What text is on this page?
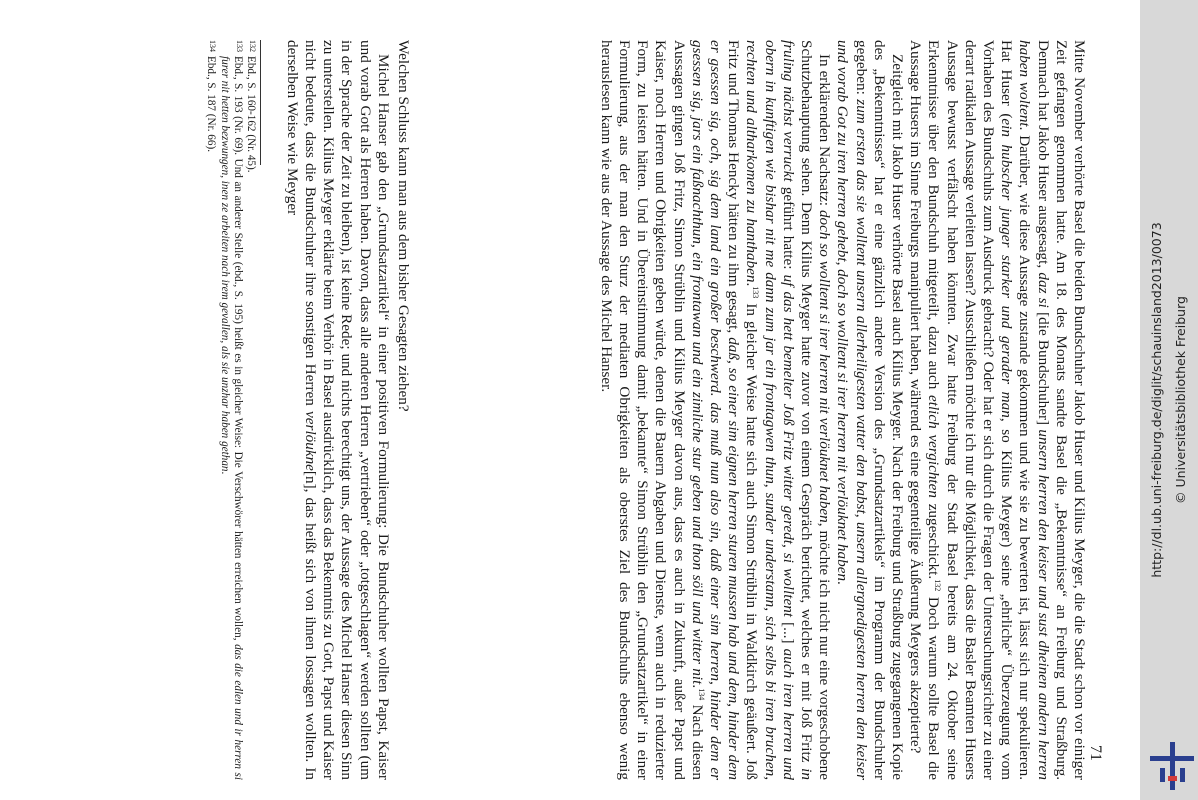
71

Mitte November verhörte Basel die beiden Bundschuher Jakob Huser und Kilius Meyger, die die Stadt schon vor einiger Zeit gefangen genommen hatte. Am 18. des Monats sandte Basel die „Bekenntnisse“ an Freiburg und Straßburg. Demnach hat Jakob Huser ausgesagt, daz si [die Bundschuher] unsern herren den keiser und sust dheinen andern herren haben woltent. Darüber, wie diese Aussage zustande gekommen und wie sie zu bewerten ist, lässt sich nur spekulieren. Hat Huser (ein hubscher junger starker und gerader man, so Kilius Meyger) seine „ehrliche“ Überzeugung vom Vorhaben des Bundschuhs zum Ausdruck gebracht? Oder hat er sich durch die Fragen der Untersuchungsrichter zu einer derart radikalen Aussage verleiten lassen? Ausschließen möchte ich nur die Möglichkeit, dass die Basler Beamten Husers Aussage bewusst verfälscht haben könnten. Zwar hatte Freiburg der Stadt Basel bereits am 24. Oktober seine Erkenntnisse über den Bundschuh mitgeteilt, dazu auch etlich vergichten zugeschickt.$^{132}$ Doch warum sollte Basel die Aussage Husers im Sinne Freiburgs manipuliert haben, während es eine gegenteilige Äußerung Meygers akzeptierte?

Zeitgleich mit Jakob Huser verhörte Basel auch Kilius Meyger. Nach der Freiburg und Straßburg zugegangenen Kopie des „Bekenntnisses“ hat er eine gänzlich andere Version des „Grundsatzartikels“ im Programm der Bundschuher gegeben: zum ersten das sie wolltent unsern allerheiligesten vatter den babst, unsern allergnedigesten herren den keiser und vorab Got zu iren herren gehebt, doch so wolltent si irer herren nit verlöuknet haben.

In erklärenden Nachsatz: doch so wolltent si irer herren nit verlöuknet haben, möchte ich nicht nur eine vorgeschobene Schutzbehauptung sehen. Denn Kilius Meyger hatte zuvor von einem Gespräch berichtet, welches er mit Joß Fritz in fruling nächst verruckt geführt hatte: uf das hett bemelter Joß Fritz witter geredt, si wolltent [...] auch iren herren und obern in kunftigen wie bishar nit me dann zum jar ein frontagwen thun, sunder understann, sich selbs bi iren bruchen, rechten und altharkomen zu hanthaben.$^{133}$ In gleicher Weise hatte sich auch Simon Strüblin in Waldkirch geäußert. Joß Fritz und Thomas Hencky hätten zu ihm gesagt, daß, so einer sim eignen herren sturen mussen hab und dem, hinder dem er gsessen sig, och, sig dem land ein großer beschwerd. das muß nun also sin, daß einer sim herren, hinder dem er gsessen sig, jars ein faßnachthun, ein frontawan und ein zimliche stur geben und thon söll und witter nit.$^{134}$ Nach diesen Aussagen gingen Joß Fritz, Simon Strüblin und Kilius Meyger davon aus, dass es auch in Zukunft, außer Papst und Kaiser, noch Herren und Obrigkeiten geben würde, denen die Bauern Abgaben und Dienste, wenn auch in reduzierter Form, zu leisten hätten. Und in Übereinstimmung damit „bekannte“ Simon Strüblin den „Grundsatzartikel“ in einer Formulierung, aus der man den Sturz der mediaten Obrigkeiten als oberstes Ziel des Bundschuhs ebenso wenig herauslesen kann wie aus der Aussage des Michel Hanser.

Welchen Schluss kann man aus dem bisher Gesagten ziehen?

Michel Hanser gab den „Grundsatzartikel“ in einer positiven Formulierung: Die Bundschuher wollten Papst, Kaiser und vorab Gott als Herren haben. Davon, dass alle anderen Herren „vertrieben“ oder „totgeschlagen“ werden sollten (um in der Sprache der Zeit zu bleiben), ist keine Rede; und nichts berechtigt uns, der Aussage des Michel Hanser diesen Sinn zu unterstellen. Kilius Meyger erklärte beim Verhör in Basel ausdrücklich, dass das Bekenntnis zu Gott, Papst und Kaiser nicht bedeute, dass die Bundschuher ihre sonstigen Herren verlöukne[n], das heißt sich von ihnen lossagen wollten. In derselben Weise wie Meyger

132
Ebd., S. 160-162 (Nr. 45).
133
Ebd., S. 193 (Nr. 69). Und an anderer Stelle (ebd., S. 195) heißt es in gleicher Weise: Die Verschwörer hätten erreichen wollen, das die edlen und ir herren si furer nit hetten bezwungen, inen ze arbeiten nach irem gevallen, als sie unzhar haben gethan.
134
Ebd., S. 187 (Nr. 66).
http://dl.ub.uni-freiburg.de/diglit/schauinsland2013/0073 © Universitätsbibliothek Freiburg
